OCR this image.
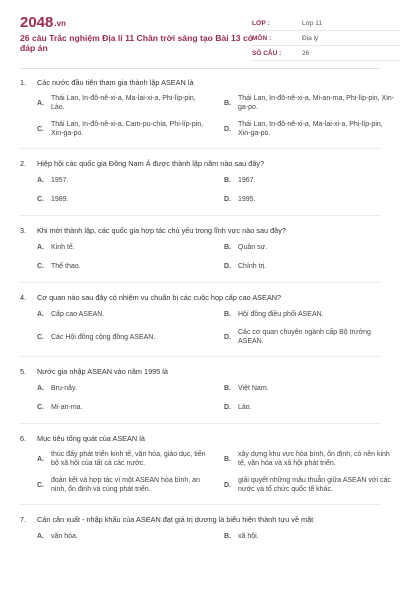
2048.vn
26 câu Trắc nghiệm Địa lí 11 Chân trời sáng tạo Bài 13 có đáp án
LỚP :	Lớp 11
MÔN :	Địa lý
SỐ CÂU :	26
1. Các nước đầu tiên tham gia thành lập ASEAN là
A.
Thái Lan, In-đô-nê-xi-a, Ma-lai-xi-a, Phi-líp-pin, Lào.
B.
Thái Lan, In-đô-nê-xi-a, Mi-an-ma, Phi-líp-pin, Xin-ga-po.
C.
Thái Lan, In-đô-nê-xi-a, Cam-pu-chia, Phi-líp-pin, Xin-ga-po.
D.
Thái Lan, In-đô-nê-xi-a, Ma-lai-xi-a, Phi-líp-pin, Xin-ga-po.
2. Hiệp hội các quốc gia Đông Nam Á được thành lập năm nào sau đây?
A.	1957.	B.	1967.
C.	1989.	D.	1995.
3. Khi mới thành lập, các quốc gia hợp tác chủ yếu trong lĩnh vực nào sau đây?
A.	Kinh tế.	B.	Quân sự.
C.	Thể thao.	D.	Chính trị.
4. Cơ quan nào sau đây có nhiệm vụ chuẩn bị các cuộc họp cấp cao ASEAN?
A.	Cấp cao ASEAN.	B.	Hội đồng điều phối ASEAN.
C.	Các Hội đồng cộng đồng ASEAN.	D.
Các cơ quan chuyên ngành cấp Bộ trưởng ASEAN.
5. Nước gia nhập ASEAN vào năm 1995 là
A.	Bru-nây.	B.	Việt Nam.
C.	Mi-an-ma.	D.	Lào.
6. Mục tiêu tổng quát của ASEAN là
A.
thúc đẩy phát triển kinh tế, văn hóa, giáo dục, tiến bộ xã hội của tất cả các nước.
B.
xây dựng khu vực hòa bình, ổn định, có nền kinh tế, văn hóa và xã hội phát triển.
C.
đoàn kết và hợp tác vì một ASEAN hòa bình, an ninh, ổn định và cùng phát triển.
D.
giải quyết những mâu thuẫn giữa ASEAN với các nước và tổ chức quốc tế khác.
7. Cán cân xuất - nhập khẩu của ASEAN đạt giá trị dương là biểu hiện thành tựu về mặt
A.	văn hóa.	B.	xã hội.
